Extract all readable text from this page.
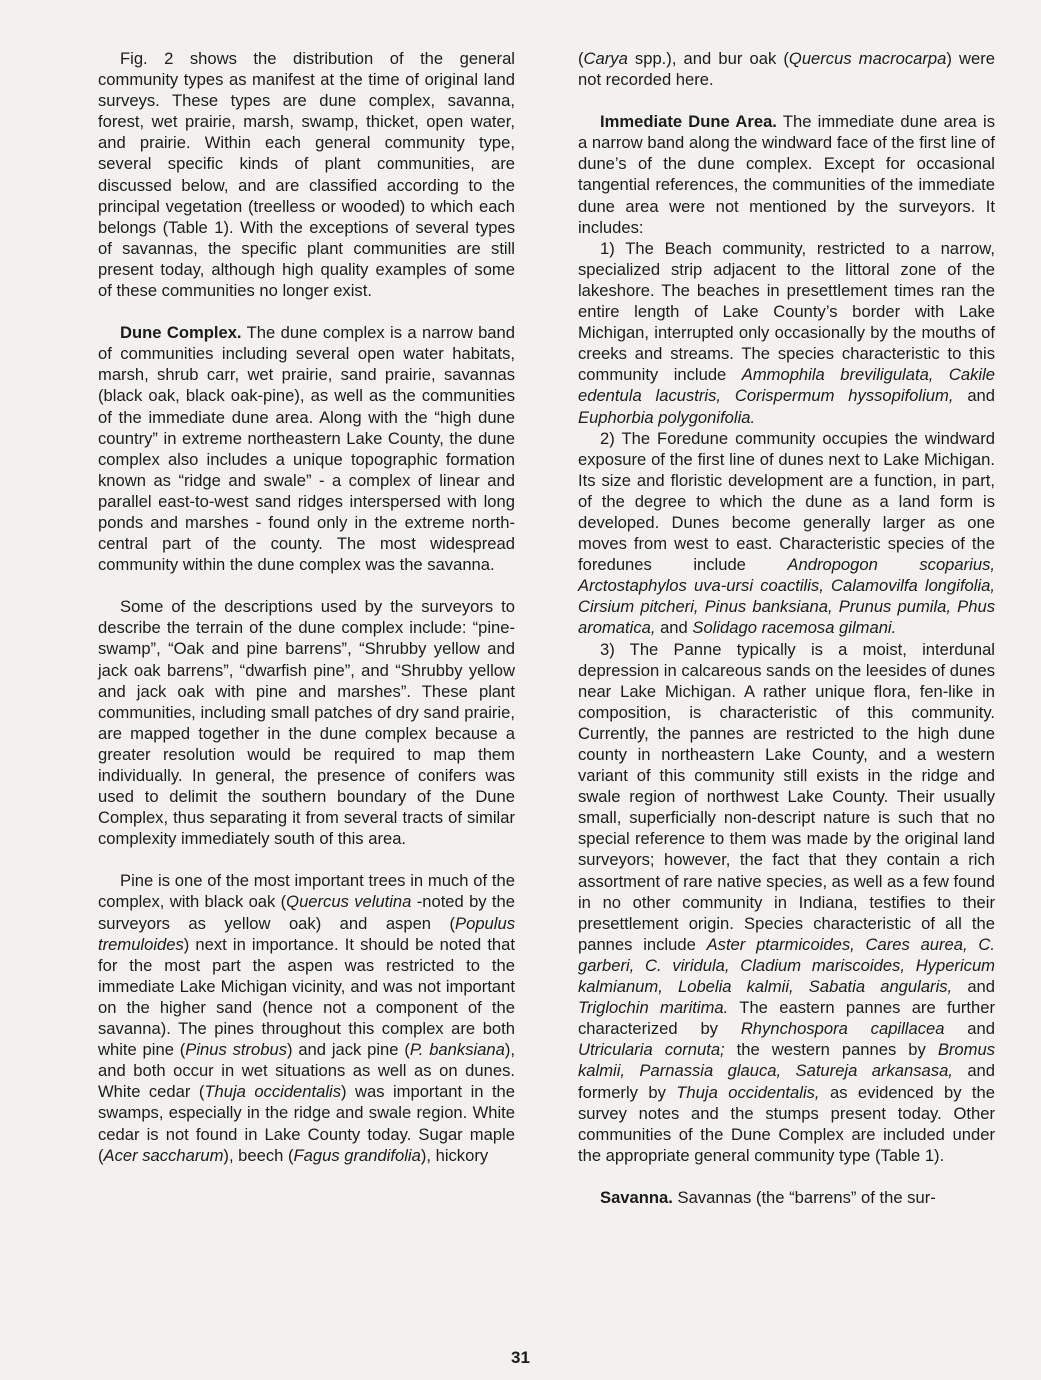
Fig. 2 shows the distribution of the general community types as manifest at the time of original land surveys. These types are dune complex, savanna, forest, wet prairie, marsh, swamp, thicket, open water, and prairie. Within each general community type, several specific kinds of plant communities, are discussed below, and are classified according to the principal vegetation (treelless or wooded) to which each belongs (Table 1). With the exceptions of several types of savannas, the specific plant communities are still present today, although high quality examples of some of these communities no longer exist.

Dune Complex. The dune complex is a narrow band of communities including several open water habitats, marsh, shrub carr, wet prairie, sand prairie, savannas (black oak, black oak-pine), as well as the communities of the immediate dune area. Along with the “high dune country” in extreme northeastern Lake County, the dune complex also includes a unique topographic formation known as “ridge and swale” - a complex of linear and parallel east-to-west sand ridges interspersed with long ponds and marshes - found only in the extreme north-central part of the county. The most widespread community within the dune complex was the savanna.

Some of the descriptions used by the surveyors to describe the terrain of the dune complex include: “pine-swamp”, “Oak and pine barrens”, “Shrubby yellow and jack oak barrens”, “dwarfish pine”, and “Shrubby yellow and jack oak with pine and marshes”. These plant communities, including small patches of dry sand prairie, are mapped together in the dune complex because a greater resolution would be required to map them individually. In general, the presence of conifers was used to delimit the southern boundary of the Dune Complex, thus separating it from several tracts of similar complexity immediately south of this area.

Pine is one of the most important trees in much of the complex, with black oak (Quercus velutina -noted by the surveyors as yellow oak) and aspen (Populus tremuloides) next in importance. It should be noted that for the most part the aspen was restricted to the immediate Lake Michigan vicinity, and was not important on the higher sand (hence not a component of the savanna). The pines throughout this complex are both white pine (Pinus strobus) and jack pine (P. banksiana), and both occur in wet situations as well as on dunes. White cedar (Thuja occidentalis) was important in the swamps, especially in the ridge and swale region. White cedar is not found in Lake County today. Sugar maple (Acer saccharum), beech (Fagus grandifolia), hickory

(Carya spp.), and bur oak (Quercus macrocarpa) were not recorded here.

Immediate Dune Area. The immediate dune area is a narrow band along the windward face of the first line of dune’s of the dune complex. Except for occasional tangential references, the communities of the immediate dune area were not mentioned by the surveyors. It includes:

1) The Beach community, restricted to a narrow, specialized strip adjacent to the littoral zone of the lakeshore. The beaches in presettlement times ran the entire length of Lake County’s border with Lake Michigan, interrupted only occasionally by the mouths of creeks and streams. The species characteristic to this community include Ammophila breviligulata, Cakile edentula lacustris, Corispermum hyssopifolium, and Euphorbia polygonifolia.

2) The Foredune community occupies the windward exposure of the first line of dunes next to Lake Michigan. Its size and floristic development are a function, in part, of the degree to which the dune as a land form is developed. Dunes become generally larger as one moves from west to east. Characteristic species of the foredunes include Andropogon scoparius, Arctostaphylos uva-ursi coactilis, Calamovilfa longifolia, Cirsium pitcheri, Pinus banksiana, Prunus pumila, Phus aromatica, and Solidago racemosa gilmani.

3) The Panne typically is a moist, interdunal depression in calcareous sands on the leesides of dunes near Lake Michigan. A rather unique flora, fen-like in composition, is characteristic of this community. Currently, the pannes are restricted to the high dune county in northeastern Lake County, and a western variant of this community still exists in the ridge and swale region of northwest Lake County. Their usually small, superficially non-descript nature is such that no special reference to them was made by the original land surveyors; however, the fact that they contain a rich assortment of rare native species, as well as a few found in no other community in Indiana, testifies to their presettlement origin. Species characteristic of all the pannes include Aster ptarmicoides, Cares aurea, C. garberi, C. viridula, Cladium mariscoides, Hypericum kalmianum, Lobelia kalmii, Sabatia angularis, and Triglochin maritima. The eastern pannes are further characterized by Rhynchospora capillacea and Utricularia cornuta; the western pannes by Bromus kalmii, Parnassia glauca, Satureja arkansasa, and formerly by Thuja occidentalis, as evidenced by the survey notes and the stumps present today. Other communities of the Dune Complex are included under the appropriate general community type (Table 1).

Savanna. Savannas (the “barrens” of the sur-

31
